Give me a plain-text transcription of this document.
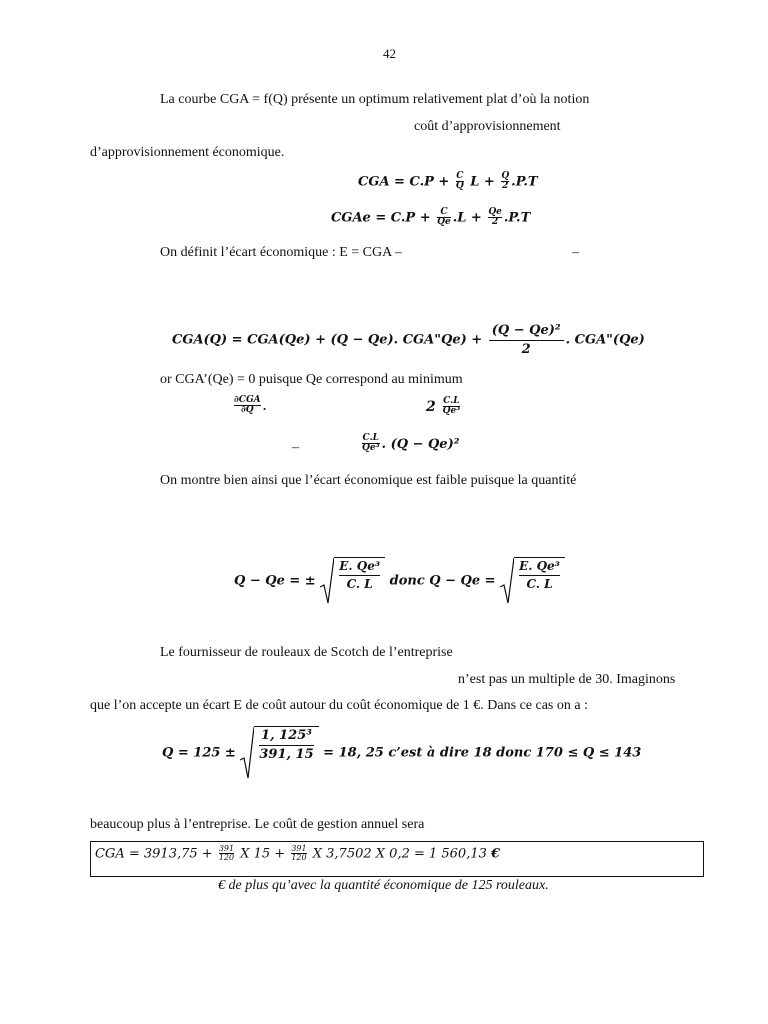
42
La courbe CGA = f(Q) présente un optimum relativement plat d’où la notion
coût d’approvisionnement
d’approvisionnement économique.
CGA = $C.P + \frac{C}{Q}$ $L + \frac{Q}{2} .P.T$
CGAe = $C.P + \frac{C}{Qe} .L + \frac{Qe}{2} .P.T$
On définit l’écart économique : E = CGA –	–
CGA(Q) = CGA(Qe) + (Q − Qe). CGA"Qe) + $\frac{\text{(Q − Qe)²}}{2}$ . CGA"(Qe)
or CGA’(Qe) = 0 puisque Qe correspond au minimum
$\frac{\text{∂CGA}}{\partial Q}$ .	$2 \frac{C.L}{\text{Qe³}}$
–	$\frac{C.L}{\text{Qe³}}$ . (Q − Qe)²
On montre bien ainsi que l’écart économique est faible puisque la quantité
Q − Qe = ± $\frac{\text{E. Qe³}}{C. L}$ donc $Q - Qe = \frac{\text{E. Qe³}}{C. L}$
Le fournisseur de rouleaux de Scotch de l’entreprise
n’est pas un multiple de 30. Imaginons
que l’on accepte un écart E de coût autour du coût économique de 1 €. Dans ce cas on a :
$Q = 125 \pm \frac{\text{1, 125³}}{391, 15} = 18$, 25 c’est à dire 18 donc 170 ≤ Q ≤ 143
beaucoup plus à l’entreprise. Le coût de gestion annuel sera
CGA = $3913,75 + \frac{391}{120}$ X $15 + \frac{391}{120}$ X 3,7502 X 0,2 = 1 560,13 €
€ de plus qu’avec la quantité économique de 125 rouleaux.
